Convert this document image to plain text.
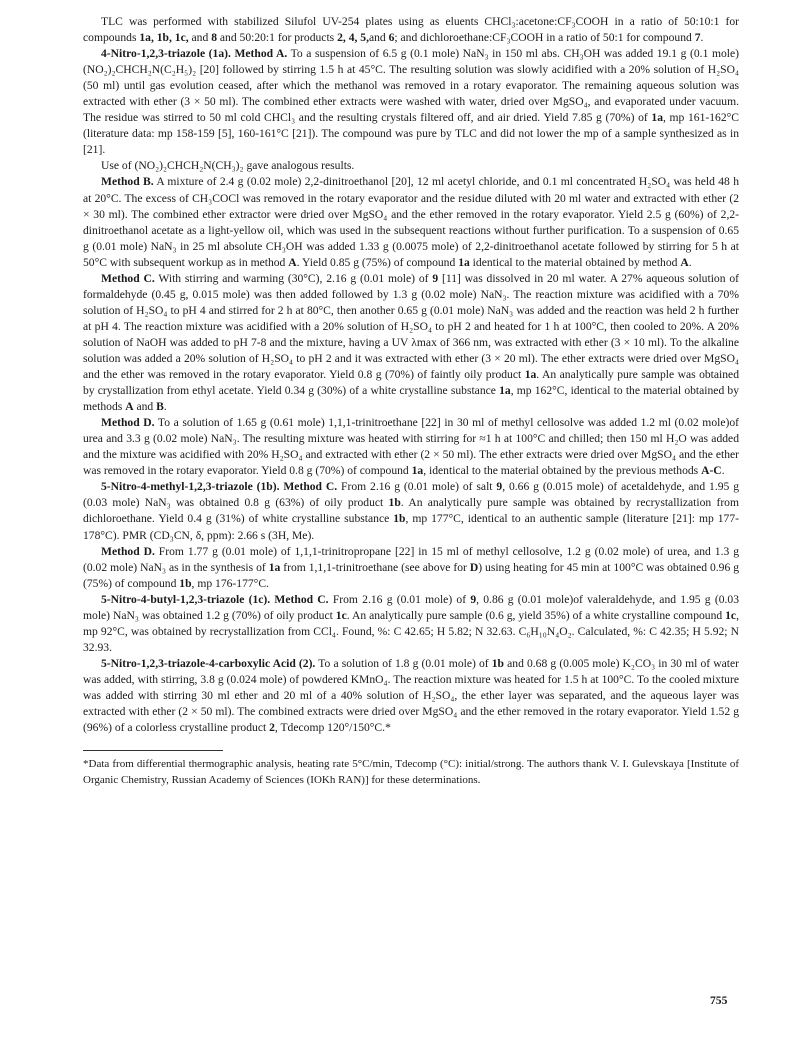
TLC was performed with stabilized Silufol UV-254 plates using as eluents CHCl₃:acetone:CF₃COOH in a ratio of 50:10:1 for compounds 1a, 1b, 1c, and 8 and 50:20:1 for products 2, 4, 5,and 6; and dichloroethane:CF₃COOH in a ratio of 50:1 for compound 7.

4-Nitro-1,2,3-triazole (1a). Method A. To a suspension of 6.5 g (0.1 mole) NaN₃ in 150 ml abs. CH₃OH was added 19.1 g (0.1 mole) (NO₂)₂CHCH₂N(C₂H₅)₂ [20] followed by stirring 1.5 h at 45°C. The resulting solution was slowly acidified with a 20% solution of H₂SO₄ (50 ml) until gas evolution ceased, after which the methanol was removed in a rotary evaporator. The remaining aqueous solution was extracted with ether (3 × 50 ml). The combined ether extracts were washed with water, dried over MgSO₄, and evaporated under vacuum. The residue was stirred to 50 ml cold CHCl₃ and the resulting crystals filtered off, and air dried. Yield 7.85 g (70%) of 1a, mp 161-162°C (literature data: mp 158-159 [5], 160-161°C [21]). The compound was pure by TLC and did not lower the mp of a sample synthesized as in [21].

Use of (NO₂)₂CHCH₂N(CH₃)₂ gave analogous results.

Method B. A mixture of 2.4 g (0.02 mole) 2,2-dinitroethanol [20], 12 ml acetyl chloride, and 0.1 ml concentrated H₂SO₄ was held 48 h at 20°C. The excess of CH₃COCl was removed in the rotary evaporator and the residue diluted with 20 ml water and extracted with ether (2 × 30 ml). The combined ether extractor were dried over MgSO₄ and the ether removed in the rotary evaporator. Yield 2.5 g (60%) of 2,2-dinitroethanol acetate as a light-yellow oil, which was used in the subsequent reactions without further purification. To a suspension of 0.65 g (0.01 mole) NaN₃ in 25 ml absolute CH₃OH was added 1.33 g (0.0075 mole) of 2,2-dinitroethanol acetate followed by stirring for 5 h at 50°C with subsequent workup as in method A. Yield 0.85 g (75%) of compound 1a identical to the material obtained by method A.

Method C. With stirring and warming (30°C), 2.16 g (0.01 mole) of 9 [11] was dissolved in 20 ml water. A 27% aqueous solution of formaldehyde (0.45 g, 0.015 mole) was then added followed by 1.3 g (0.02 mole) NaN₃. The reaction mixture was acidified with a 70% solution of H₂SO₄ to pH 4 and stirred for 2 h at 80°C, then another 0.65 g (0.01 mole) NaN₃ was added and the reaction was held 2 h further at pH 4. The reaction mixture was acidified with a 20% solution of H₂SO₄ to pH 2 and heated for 1 h at 100°C, then cooled to 20%. A 20% solution of NaOH was added to pH 7-8 and the mixture, having a UV λmax of 366 nm, was extracted with ether (3 × 10 ml). To the alkaline solution was added a 20% solution of H₂SO₄ to pH 2 and it was extracted with ether (3 × 20 ml). The ether extracts were dried over MgSO₄ and the ether was removed in the rotary evaporator. Yield 0.8 g (70%) of faintly oily product 1a. An analytically pure sample was obtained by crystallization from ethyl acetate. Yield 0.34 g (30%) of a white crystalline substance 1a, mp 162°C, identical to the material obtained by methods A and B.

Method D. To a solution of 1.65 g (0.61 mole) 1,1,1-trinitroethane [22] in 30 ml of methyl cellosolve was added 1.2 ml (0.02 mole)of urea and 3.3 g (0.02 mole) NaN₃. The resulting mixture was heated with stirring for ≈1 h at 100°C and chilled; then 150 ml H₂O was added and the mixture was acidified with 20% H₂SO₄ and extracted with ether (2 × 50 ml). The ether extracts were dried over MgSO₄ and the ether was removed in the rotary evaporator. Yield 0.8 g (70%) of compound 1a, identical to the material obtained by the previous methods A-C.

5-Nitro-4-methyl-1,2,3-triazole (1b). Method C. From 2.16 g (0.01 mole) of salt 9, 0.66 g (0.015 mole) of acetaldehyde, and 1.95 g (0.03 mole) NaN₃ was obtained 0.8 g (63%) of oily product 1b. An analytically pure sample was obtained by recrystallization from dichloroethane. Yield 0.4 g (31%) of white crystalline substance 1b, mp 177°C, identical to an authentic sample (literature [21]: mp 177-178°C). PMR (CD₃CN, δ, ppm): 2.66 s (3H, Me).

Method D. From 1.77 g (0.01 mole) of 1,1,1-trinitropropane [22] in 15 ml of methyl cellosolve, 1.2 g (0.02 mole) of urea, and 1.3 g (0.02 mole) NaN₃ as in the synthesis of 1a from 1,1,1-trinitroethane (see above for D) using heating for 45 min at 100°C was obtained 0.96 g (75%) of compound 1b, mp 176-177°C.

5-Nitro-4-butyl-1,2,3-triazole (1c). Method C. From 2.16 g (0.01 mole) of 9, 0.86 g (0.01 mole)of valeraldehyde, and 1.95 g (0.03 mole) NaN₃ was obtained 1.2 g (70%) of oily product 1c. An analytically pure sample (0.6 g, yield 35%) of a white crystalline compound 1c, mp 92°C, was obtained by recrystallization from CCl₄. Found, %: C 42.65; H 5.82; N 32.63. C₆H₁₀N₄O₂. Calculated, %: C 42.35; H 5.92; N 32.93.

5-Nitro-1,2,3-triazole-4-carboxylic Acid (2). To a solution of 1.8 g (0.01 mole) of 1b and 0.68 g (0.005 mole) K₂CO₃ in 30 ml of water was added, with stirring, 3.8 g (0.024 mole) of powdered KMnO₄. The reaction mixture was heated for 1.5 h at 100°C. To the cooled mixture was added with stirring 30 ml ether and 20 ml of a 40% solution of H₂SO₄, the ether layer was separated, and the aqueous layer was extracted with ether (2 × 50 ml). The combined extracts were dried over MgSO₄ and the ether removed in the rotary evaporator. Yield 1.52 g (96%) of a colorless crystalline product 2, Tdecomp 120°/150°C.*

*Data from differential thermographic analysis, heating rate 5°C/min, Tdecomp (°C): initial/strong. The authors thank V. I. Gulevskaya [Institute of Organic Chemistry, Russian Academy of Sciences (IOKh RAN)] for these determinations.

755
